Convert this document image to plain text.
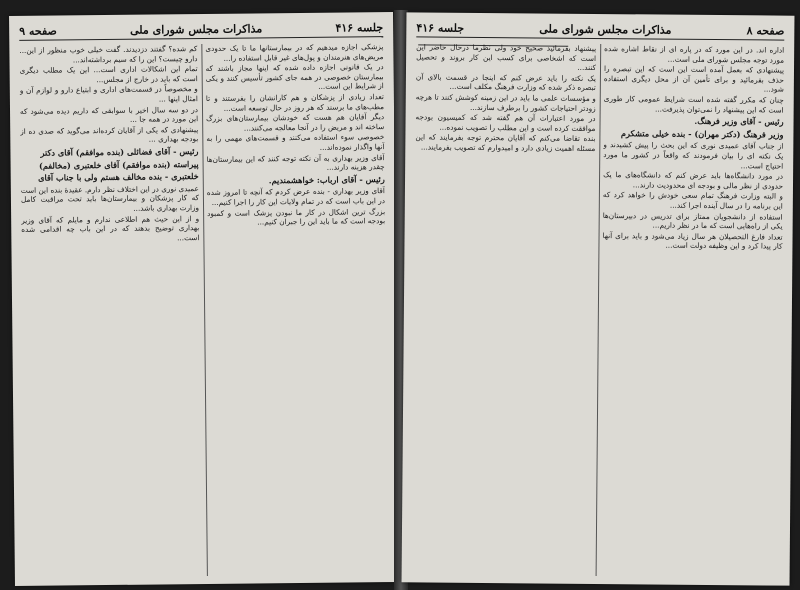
جلسه ۴۱۶
مذاکرات مجلس شورای ملی
صفحه ۹

پزشکی اجازه میدهیم که در بیمارستانها ما تا یک حدودی مریض‌های هنرمندان و پول‌های غیر قابل استفاده را...

در یک قانونی اجازه داده شده که اینها مجاز باشند که بیمارستان خصوصی در همه جای کشور تأسیس کنند و یکی از شرایط این است...

تعداد زیادی از پزشکان و هم کارانشان را بفرستند و تا مطب‌های ما برسند که هر روز در حال توسعه است...

دیگر آقایان هم هست که خودشان بیمارستان‌های بزرگ ساخته اند و مریض را در آنجا معالجه می‌کنند...

خصوصی سوء استفاده می‌کنند و قسمت‌های مهمی را به آنها واگذار نموده‌اند...

آقای وزیر بهداری به آن نکته توجه کنند که این بیمارستان‌ها چقدر هزینه دارند...

رئیس - آقای ارباب: خواهشمندیم.

آقای وزیر بهداری - بنده عرض کردم که آنچه تا امروز شده در این باب است که در تمام ولایات این کار را اجرا کنیم...

بزرگ ترین اشکال در کار ما نبودن پزشک است و کمبود بودجه است که ما باید این را جبران کنیم...

کم شده؟ گفتند دزدیدند. گفت خیلی خوب منظور از این... دارو چیست؟ این را که سیم برداشته‌اند...

تمام این اشکالات اداری است... این یک مطلب دیگری است که باید در خارج از مجلس...

و مخصوصاً در قسمت‌های اداری و ابتیاع دارو و لوازم آن و امثال اینها ...

در دو سه سال اخیر با سوابقی که داریم دیده می‌شود که این مورد در همه جا ...

پیشنهادی که یکی از آقایان کرده‌اند می‌گوید که صدی ده از بودجه بهداری ...

رئیس - آقای فضائلی (بنده موافقم) آقای دکتر

پیراسته (بنده موافقم) آقای خلعتبری (مخالفم)

خلعتبری - بنده مخالف هستم ولی با جناب آقای

عمیدی نوری در این اختلاف نظر دارم. عقیدهٔ بنده این است که کار پزشکان و بیمارستان‌ها باید تحت مراقبت کامل وزارت بهداری باشد...

و از این حیث هم اطلاعی ندارم و مایلم که آقای وزیر بهداری توضیح بدهند که در این باب چه اقدامی شده است...

صفحه ۸
مذاکرات مجلس شورای ملی
جلسه ۴۱۶

اداره اند. در این مورد که در پاره ای از نقاط اشاره شده مورد توجه مجلس شورای ملی است...

پیشنهادی که بعمل آمده است این است که این تبصره را حذف بفرمائید و برای تأمین آن از محل دیگری استفاده شود...

چنان که مکرر گفته شده است شرایط عمومی کار طوری است که این پیشنهاد را نمی‌توان پذیرفت...

رئیس - آقای وزیر فرهنگ.

وزیر فرهنگ (دکتر مهران) - بنده خیلی متشکرم

از جناب آقای عمیدی نوری که این بحث را پیش کشیدند و یک نکته ای را بیان فرمودند که واقعاً در کشور ما مورد احتیاج است...

در مورد دانشگاه‌ها باید عرض کنم که دانشگاه‌های ما یک حدودی از نظر مالی و بودجه ای محدودیت دارند...

و البته وزارت فرهنگ تمام سعی خودش را خواهد کرد که این برنامه را در سال آینده اجرا کند...

استفاده از دانشجویان ممتاز برای تدریس در دبیرستان‌ها یکی از راه‌هایی است که ما در نظر داریم...

تعداد فارغ التحصیلان هر سال زیاد می‌شود و باید برای آنها کار پیدا کرد و این وظیفه دولت است...

پیشنهاد بفرمائید صحیح خود ولی نظرما درحال حاضر این است که اشخاصی برای کسب این کار بروند و تحصیل کنند...

یک نکته را باید عرض کنم که اینجا در قسمت بالای آن تبصره ذکر شده که وزارت فرهنگ مکلف است...

و مؤسسات علمی ما باید در این زمینه کوشش کنند تا هرچه زودتر احتیاجات کشور را برطرف سازند...

در مورد اعتبارات آن هم گفته شد که کمیسیون بودجه موافقت کرده است و این مطلب را تصویب نموده...

بنده تقاضا می‌کنم که آقایان محترم توجه بفرمایند که این مسئله اهمیت زیادی دارد و امیدوارم که تصویب بفرمایند...
